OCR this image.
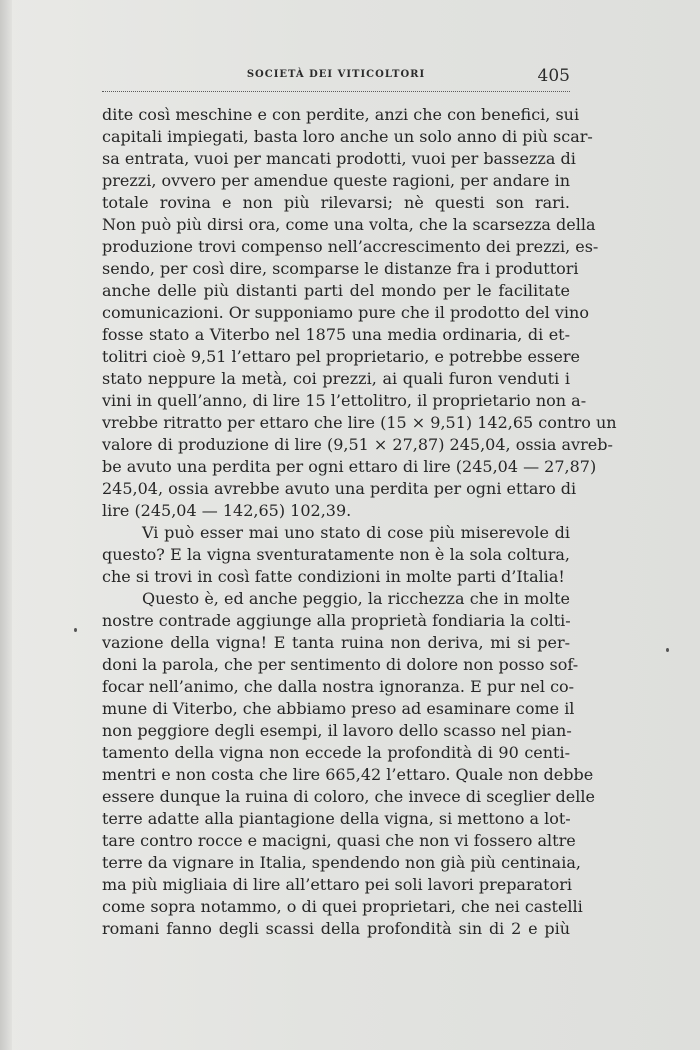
SOCIETÀ DEI VITICOLTORI	405
dite così meschine e con perdite, anzi che con benefici, sui
capitali impiegati, basta loro anche un solo anno di più scar-
sa entrata, vuoi per mancati prodotti, vuoi per bassezza di
prezzi, ovvero per amendue queste ragioni, per andare in
totale rovina e non più rilevarsi; nè questi son rari.
Non può più dirsi ora, come una volta, che la scarsezza della
produzione trovi compenso nell’accrescimento dei prezzi, es-
sendo, per così dire, scomparse le distanze fra i produttori
anche delle più distanti parti del mondo per le facilitate
comunicazioni. Or supponiamo pure che il prodotto del vino
fosse stato a Viterbo nel 1875 una media ordinaria, di et-
tolitri cioè 9,51 l’ettaro pel proprietario, e potrebbe essere
stato neppure la metà, coi prezzi, ai quali furon venduti i
vini in quell’anno, di lire 15 l’ettolitro, il proprietario non a-
vrebbe ritratto per ettaro che lire (15 × 9,51) 142,65 contro un
valore di produzione di lire (9,51 × 27,87) 245,04, ossia avreb-
be avuto una perdita per ogni ettaro di lire (245,04 — 27,87)
245,04, ossia avrebbe avuto una perdita per ogni ettaro di
lire (245,04 — 142,65) 102,39.
Vi può esser mai uno stato di cose più miserevole di
questo? E la vigna sventuratamente non è la sola coltura,
che si trovi in così fatte condizioni in molte parti d’Italia!
Questo è, ed anche peggio, la ricchezza che in molte
nostre contrade aggiunge alla proprietà fondiaria la colti-
vazione della vigna! E tanta ruina non deriva, mi si per-
doni la parola, che per sentimento di dolore non posso sof-
focar nell’animo, che dalla nostra ignoranza. E pur nel co-
mune di Viterbo, che abbiamo preso ad esaminare come il
non peggiore degli esempi, il lavoro dello scasso nel pian-
tamento della vigna non eccede la profondità di 90 centi-
mentri e non costa che lire 665,42 l’ettaro. Quale non debbe
essere dunque la ruina di coloro, che invece di sceglier delle
terre adatte alla piantagione della vigna, si mettono a lot-
tare contro rocce e macigni, quasi che non vi fossero altre
terre da vignare in Italia, spendendo non già più centinaia,
ma più migliaia di lire all’ettaro pei soli lavori preparatori
come sopra notammo, o di quei proprietari, che nei castelli
romani fanno degli scassi della profondità sin di 2 e più
